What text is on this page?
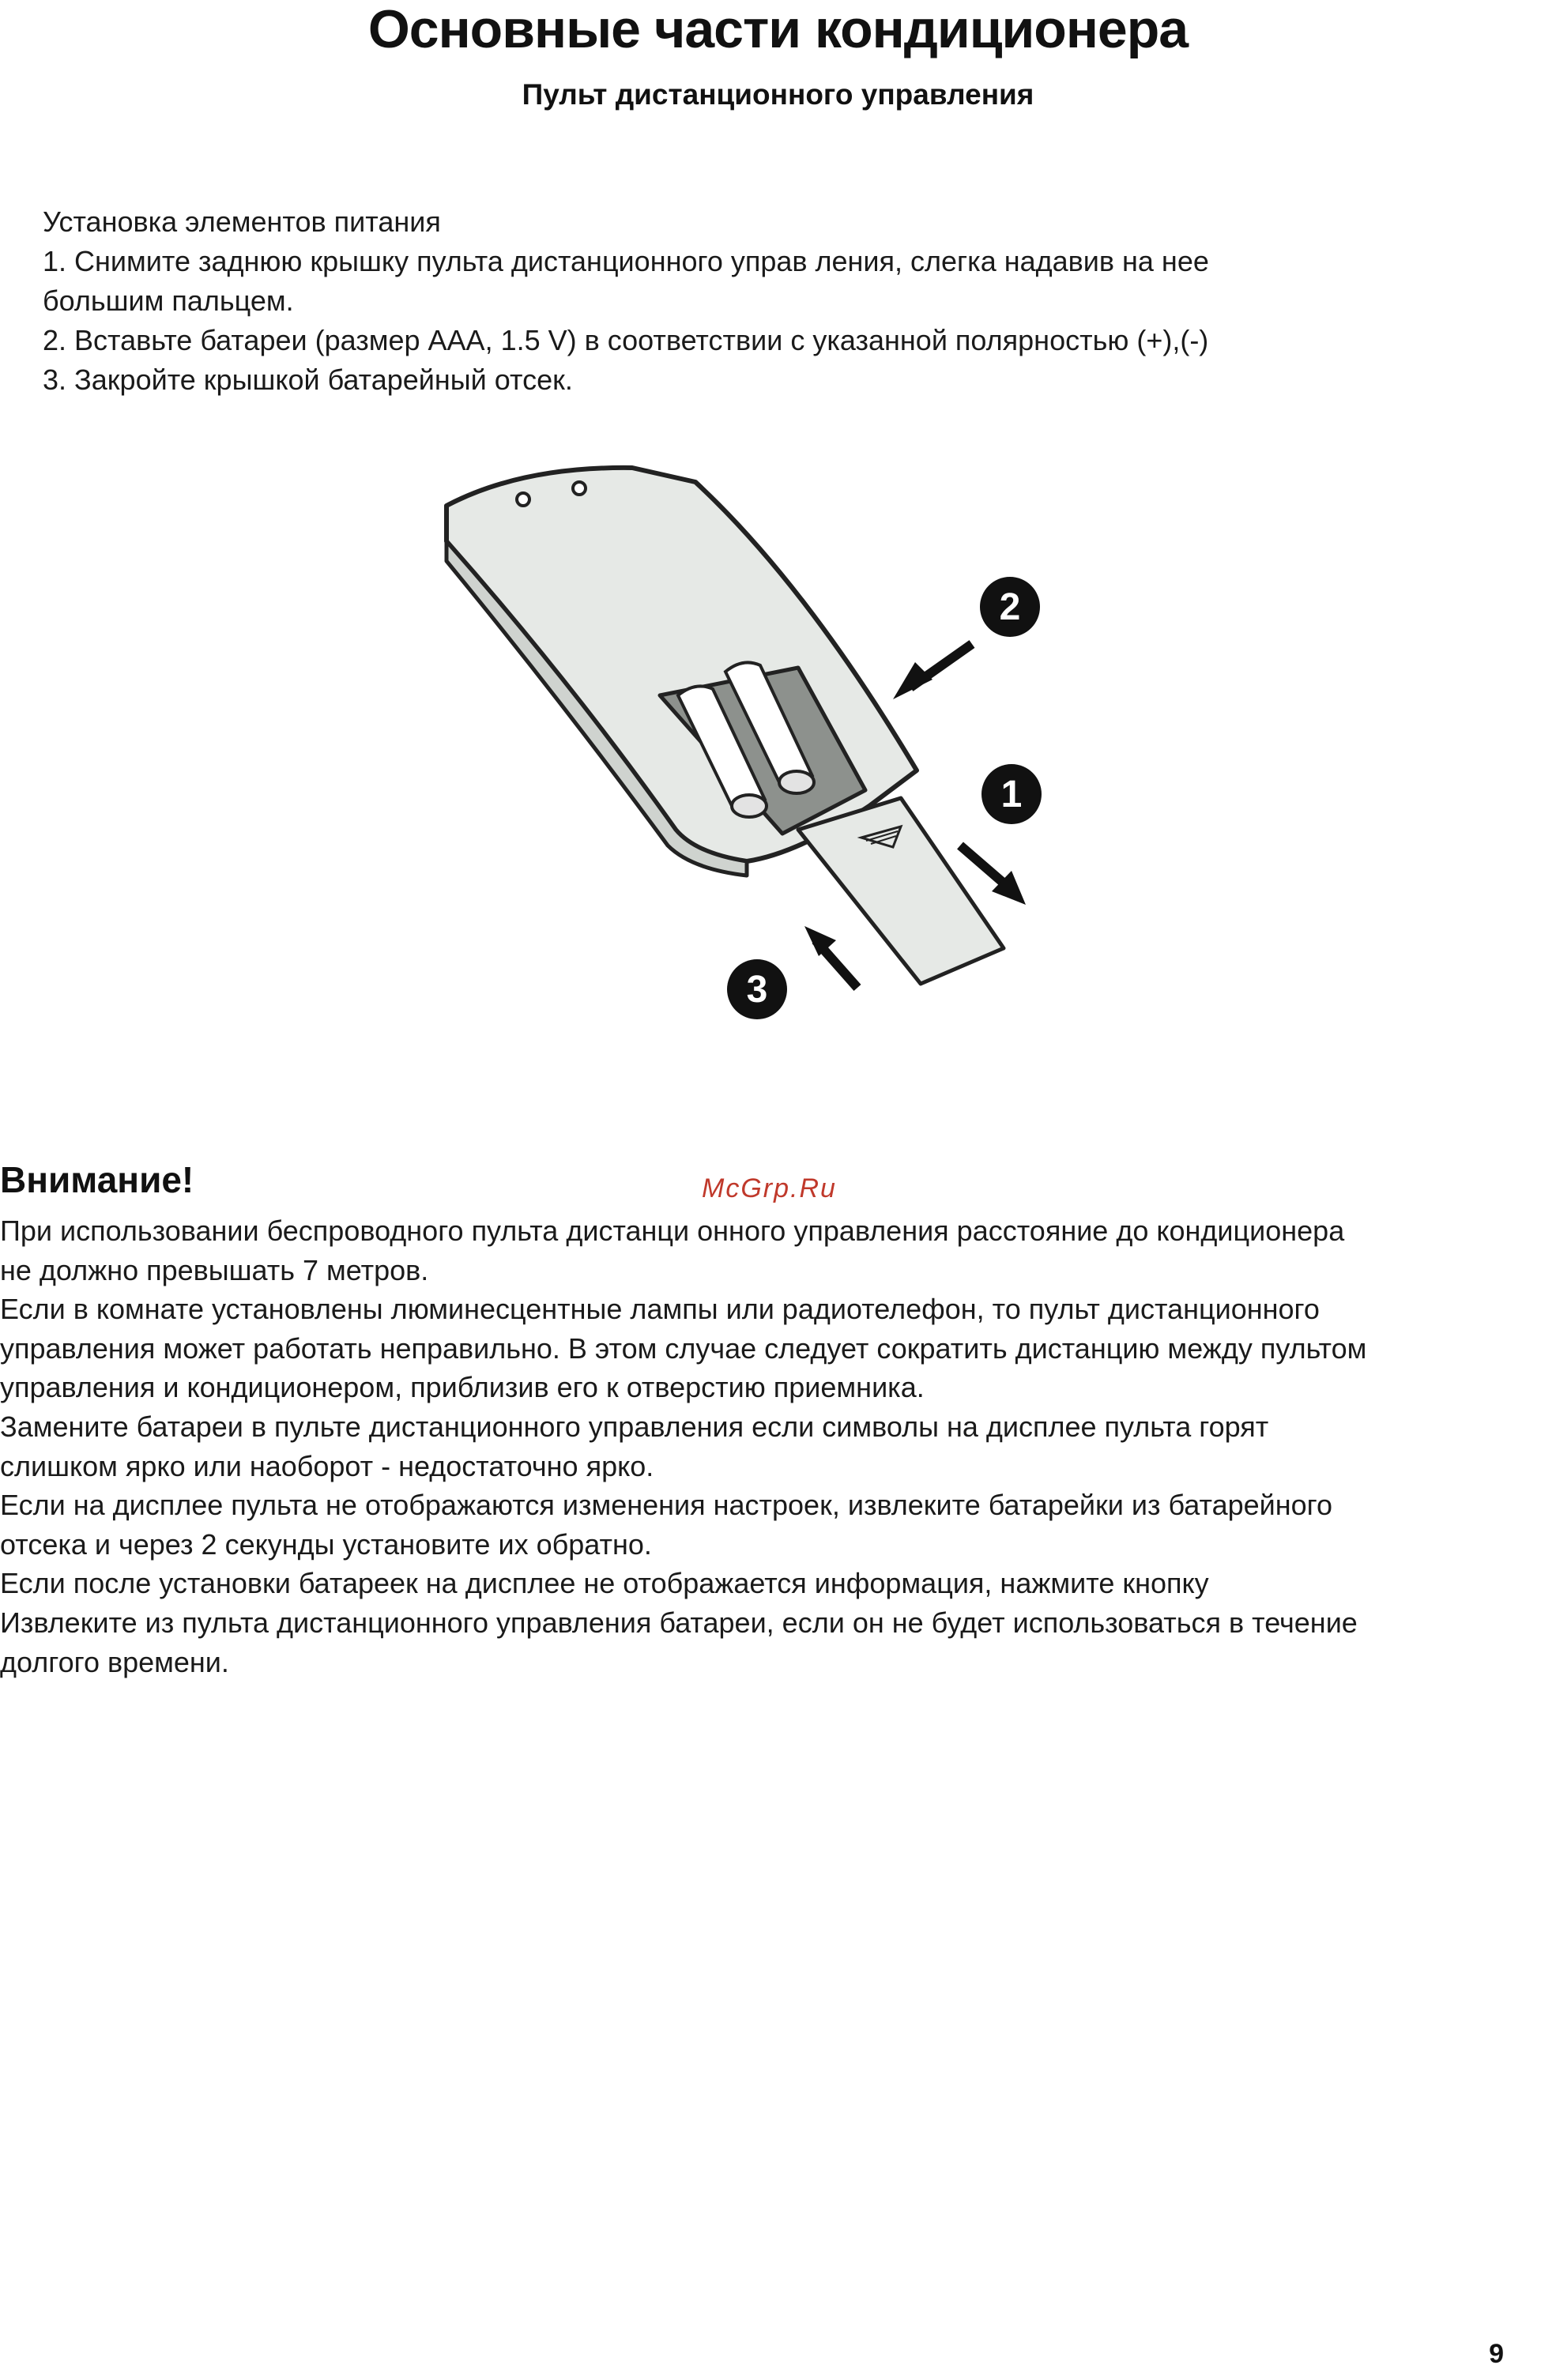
Основные части кондиционера
Пульт дистанционного управления
Установка элементов питания
1. Снимите заднюю крышку пульта дистанционного управ ления, слегка надавив на нее
большим пальцем.
2. Вставьте батареи (размер AAA, 1.5 V) в соответствии с указанной полярностью (+),(-)
3. Закройте крышкой батарейный отсек.
2
1
3
Внимание!	McGrp.Ru
При использовании беспроводного пульта дистанци онного управления расстояние до кондиционера
не должно превышать 7 метров.
Если в комнате установлены люминесцентные лампы или радиотелефон, то пульт дистанционного
управления может работать неправильно. В этом случае следует сократить дистанцию между пультом
управления и кондиционером, приблизив его к отверстию приемника.
Замените батареи в пульте дистанционного управления если символы на дисплее пульта горят
слишком ярко или наоборот - недостаточно ярко.
Если на дисплее пульта не отображаются изменения настроек, извлеките батарейки из батарейного
отсека и через 2 секунды установите их обратно.
Если после установки батареек на дисплее не отображается информация, нажмите кнопку
Извлеките из пульта дистанционного управления батареи, если он не будет использоваться в течение
долгого времени.
9
